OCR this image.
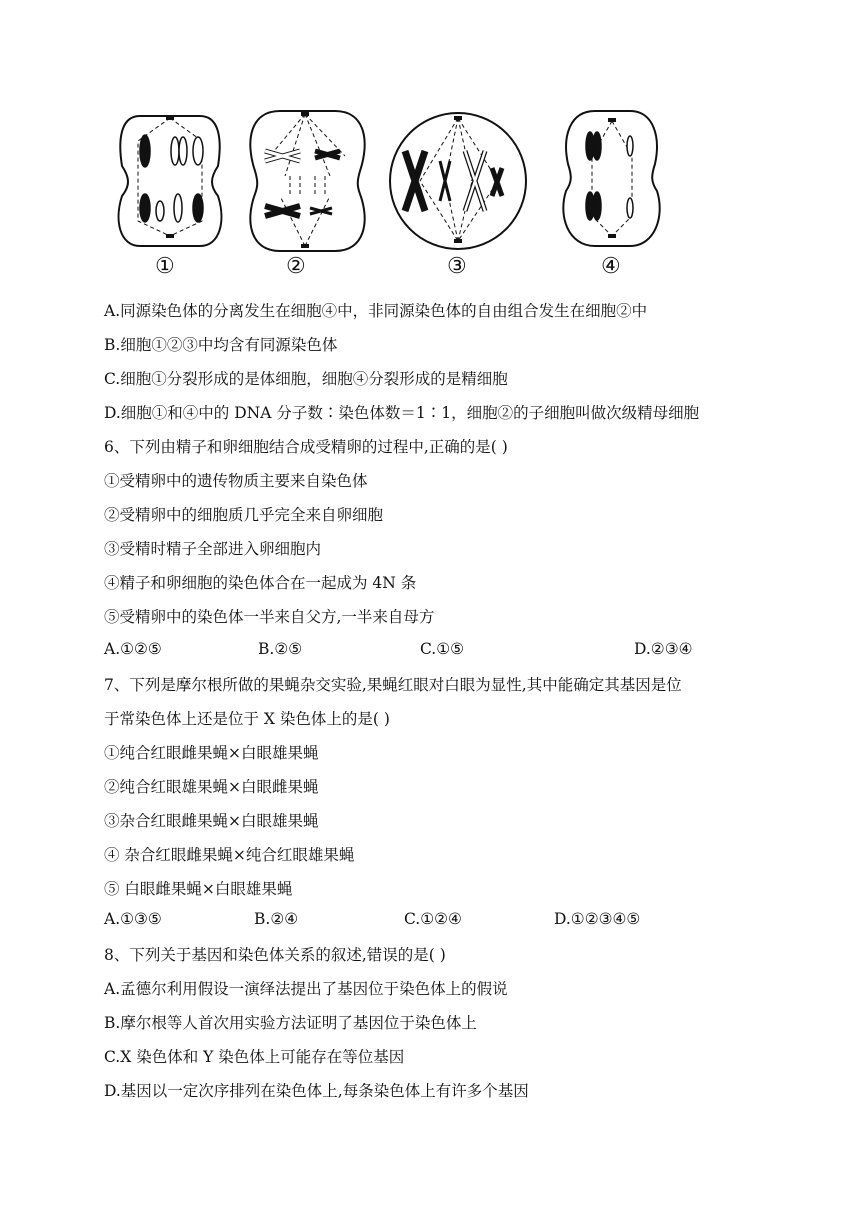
①	②	③	④
A.同源染色体的分离发生在细胞④中，非同源染色体的自由组合发生在细胞②中
B.细胞①②③中均含有同源染色体
C.细胞①分裂形成的是体细胞，细胞④分裂形成的是精细胞
D.细胞①和④中的 DNA 分子数∶染色体数＝1∶1，细胞②的子细胞叫做次级精母细胞
6、下列由精子和卵细胞结合成受精卵的过程中,正确的是( )
①受精卵中的遗传物质主要来自染色体
②受精卵中的细胞质几乎完全来自卵细胞
③受精时精子全部进入卵细胞内
④精子和卵细胞的染色体合在一起成为 4N 条
⑤受精卵中的染色体一半来自父方,一半来自母方
A.①②⑤	B.②⑤	C.①⑤	D.②③④
7、下列是摩尔根所做的果蝇杂交实验,果蝇红眼对白眼为显性,其中能确定其基因是位
于常染色体上还是位于 X 染色体上的是( )
①纯合红眼雌果蝇×白眼雄果蝇
②纯合红眼雄果蝇×白眼雌果蝇
③杂合红眼雌果蝇×白眼雄果蝇
④ 杂合红眼雌果蝇×纯合红眼雄果蝇
⑤ 白眼雌果蝇×白眼雄果蝇
A.①③⑤	B.②④	C.①②④	D.①②③④⑤
8、下列关于基因和染色体关系的叙述,错误的是( )
A.孟德尔利用假设一演绎法提出了基因位于染色体上的假说
B.摩尔根等人首次用实验方法证明了基因位于染色体上
C.X 染色体和 Y 染色体上可能存在等位基因
D.基因以一定次序排列在染色体上,每条染色体上有许多个基因
